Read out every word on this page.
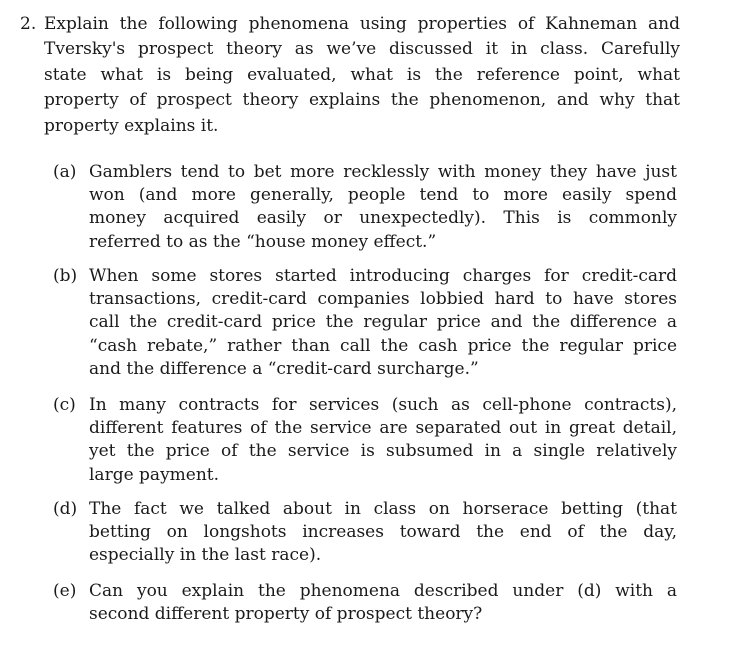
2. Explain the following phenomena using properties of Kahneman and
Tversky's prospect theory as we’ve discussed it in class. Carefully
state what is being evaluated, what is the reference point, what
property of prospect theory explains the phenomenon, and why that
property explains it.
(a) Gamblers tend to bet more recklessly with money they have just
won (and more generally, people tend to more easily spend
money acquired easily or unexpectedly). This is commonly
referred to as the “house money effect.”
(b) When some stores started introducing charges for credit-card
transactions, credit-card companies lobbied hard to have stores
call the credit-card price the regular price and the difference a
“cash rebate,” rather than call the cash price the regular price
and the difference a “credit-card surcharge.”
(c) In many contracts for services (such as cell-phone contracts),
different features of the service are separated out in great detail,
yet the price of the service is subsumed in a single relatively
large payment.
(d) The fact we talked about in class on horserace betting (that
betting on longshots increases toward the end of the day,
especially in the last race).
(e) Can you explain the phenomena described under (d) with a
second different property of prospect theory?
